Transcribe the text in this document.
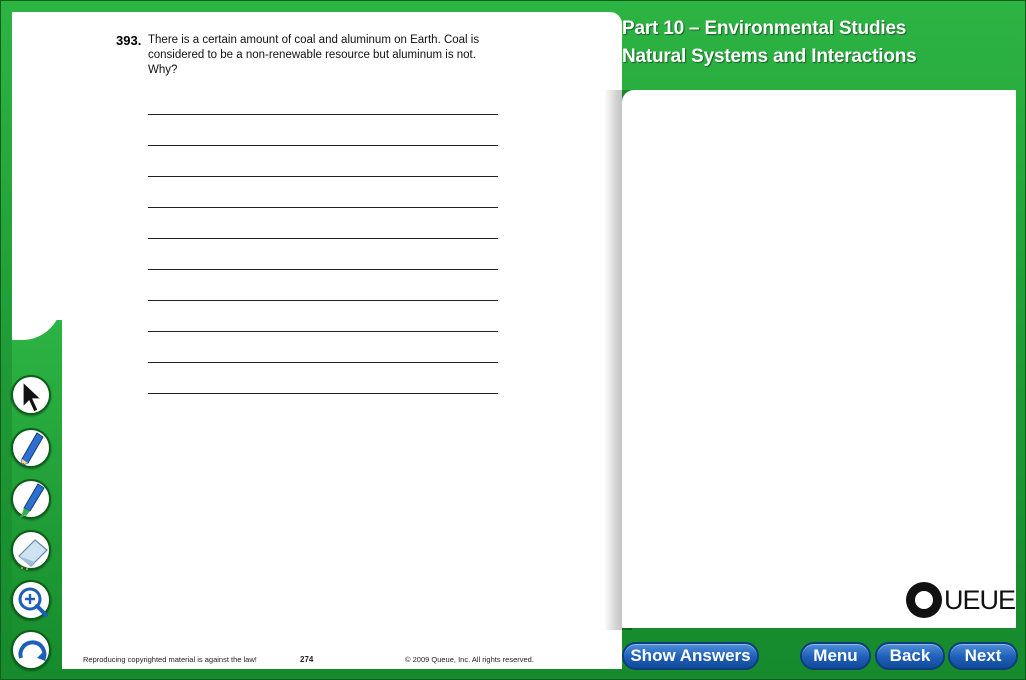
393. There is a certain amount of coal and aluminum on Earth. Coal is considered to be a non-renewable resource but aluminum is not. Why?
Reproducing copyrighted material is against the law!	274	© 2009 Queue, Inc. All rights reserved.
Part 10 – Environmental Studies
Natural Systems and Interactions
UEUE
Show Answers	Menu	Back	Next
